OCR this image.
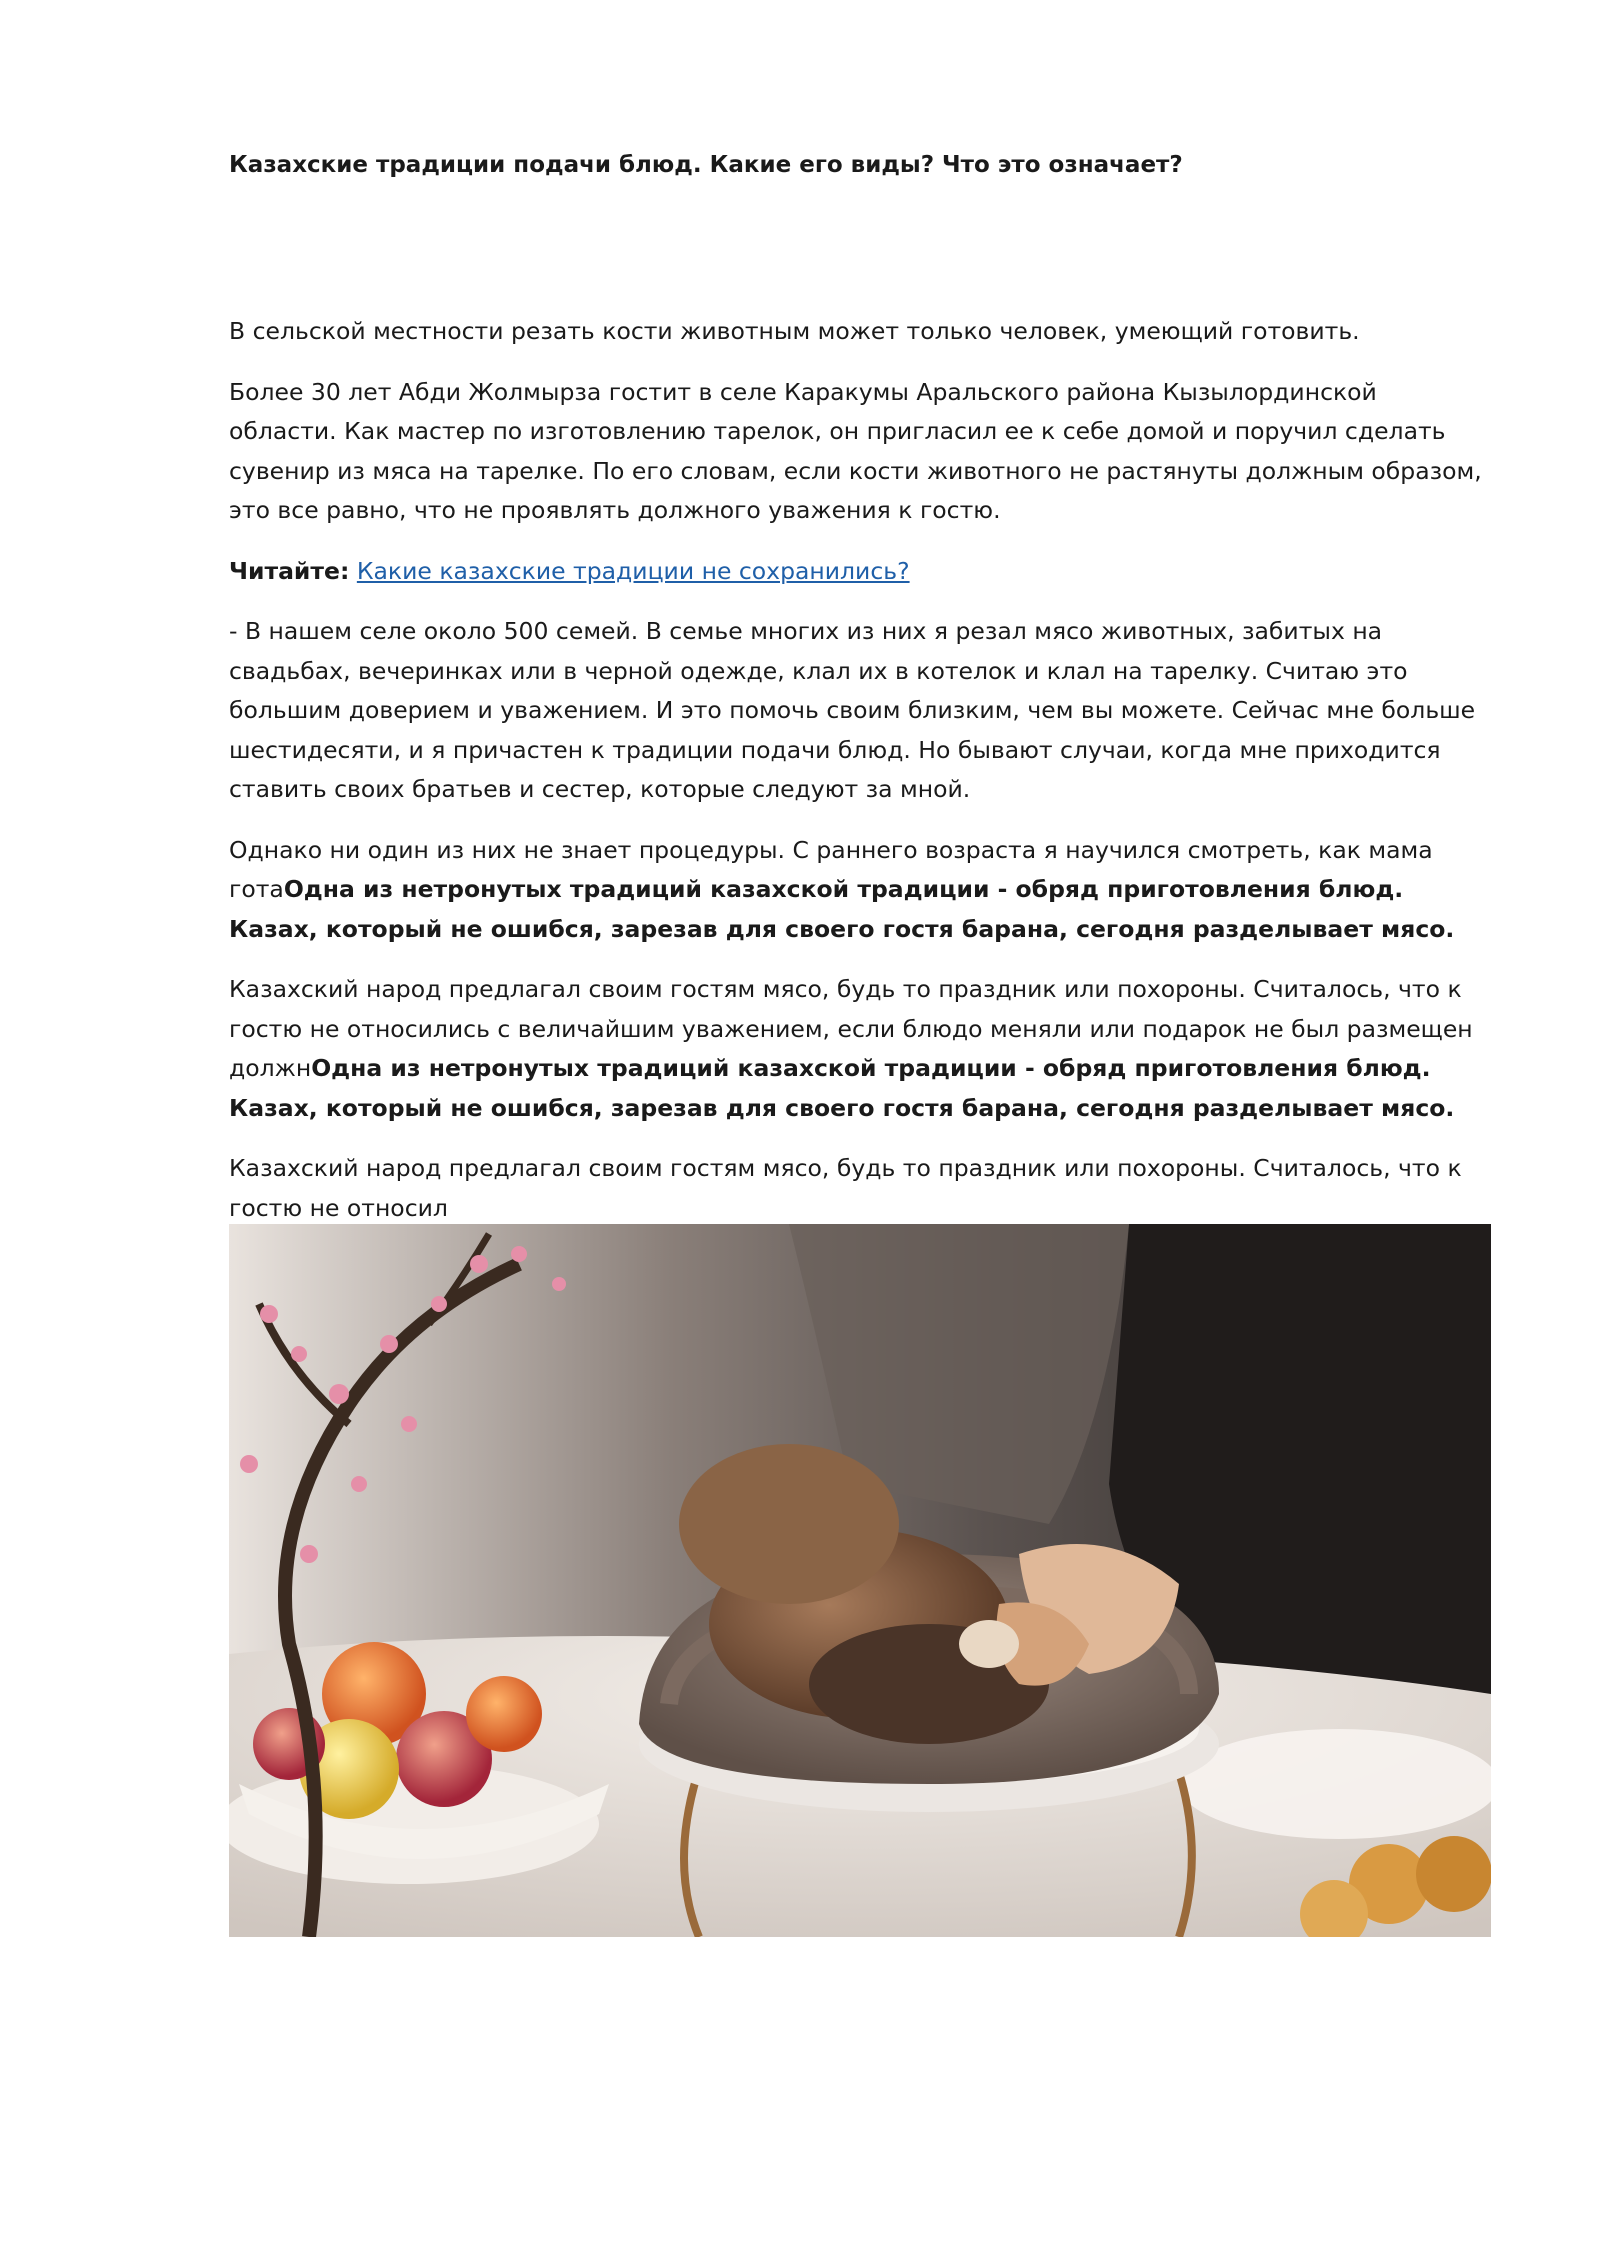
Казахские традиции подачи блюд. Какие его виды? Что это означает?

В сельской местности резать кости животным может только человек, умеющий готовить.

Более 30 лет Абди Жолмырза гостит в селе Каракумы Аральского района Кызылординской области. Как мастер по изготовлению тарелок, он пригласил ее к себе домой и поручил сделать сувенир из мяса на тарелке. По его словам, если кости животного не растянуты должным образом, это все равно, что не проявлять должного уважения к гостю.

Читайте: Какие казахские традиции не сохранились?

- В нашем селе около 500 семей. В семье многих из них я резал мясо животных, забитых на свадьбах, вечеринках или в черной одежде, клал их в котелок и клал на тарелку. Считаю это большим доверием и уважением. И это помочь своим близким, чем вы можете. Сейчас мне больше шестидесяти, и я причастен к традиции подачи блюд. Но бывают случаи, когда мне приходится ставить своих братьев и сестер, которые следуют за мной.

Однако ни один из них не знает процедуры. С раннего возраста я научился смотреть, как мама готаОдна из нетронутых традиций казахской традиции - обряд приготовления блюд. Казах, который не ошибся, зарезав для своего гостя барана, сегодня разделывает мясо.

Казахский народ предлагал своим гостям мясо, будь то праздник или похороны. Считалось, что к гостю не относились с величайшим уважением, если блюдо меняли или подарок не был размещен должнОдна из нетронутых традиций казахской традиции - обряд приготовления блюд. Казах, который не ошибся, зарезав для своего гостя барана, сегодня разделывает мясо.

Казахский народ предлагал своим гостям мясо, будь то праздник или похороны. Считалось, что к гостю не относил
